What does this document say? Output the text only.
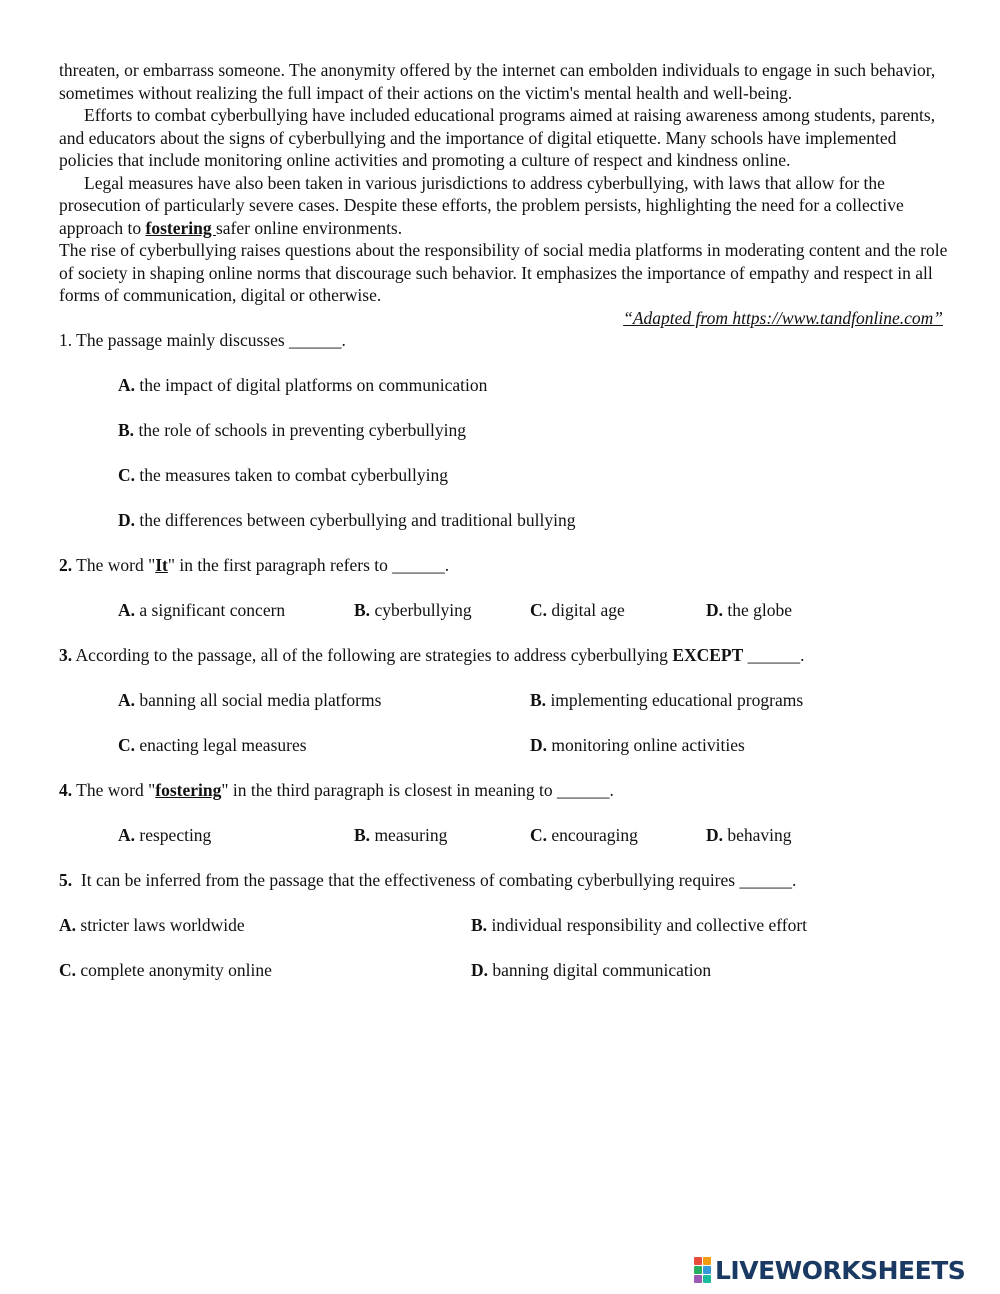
threaten, or embarrass someone. The anonymity offered by the internet can embolden individuals to engage in such behavior, sometimes without realizing the full impact of their actions on the victim's mental health and well-being.

Efforts to combat cyberbullying have included educational programs aimed at raising awareness among students, parents, and educators about the signs of cyberbullying and the importance of digital etiquette. Many schools have implemented policies that include monitoring online activities and promoting a culture of respect and kindness online.

Legal measures have also been taken in various jurisdictions to address cyberbullying, with laws that allow for the prosecution of particularly severe cases. Despite these efforts, the problem persists, highlighting the need for a collective approach to fostering safer online environments.

The rise of cyberbullying raises questions about the responsibility of social media platforms in moderating content and the role of society in shaping online norms that discourage such behavior. It emphasizes the importance of empathy and respect in all forms of communication, digital or otherwise.

“Adapted from https://www.tandfonline.com”

1. The passage mainly discusses ______.

A.
the impact of digital platforms on communication
B.
the role of schools in preventing cyberbullying
C.
the measures taken to combat cyberbullying
D.
the differences between cyberbullying and traditional bullying

2. The word "It" in the first paragraph refers to ______.

A. a significant concern	B. cyberbullying	C. digital age	D. the globe

3. According to the passage, all of the following are strategies to address cyberbullying EXCEPT ______.

A. banning all social media platforms	B. implementing educational programs
C. enacting legal measures	D. monitoring online activities

4. The word "fostering" in the third paragraph is closest in meaning to ______.

A. respecting	B. measuring	C. encouraging	D. behaving

5.  It can be inferred from the passage that the effectiveness of combating cyberbullying requires ______.

A. stricter laws worldwide	B. individual responsibility and collective effort
C. complete anonymity online	D. banning digital communication
LIVEWORKSHEETS
